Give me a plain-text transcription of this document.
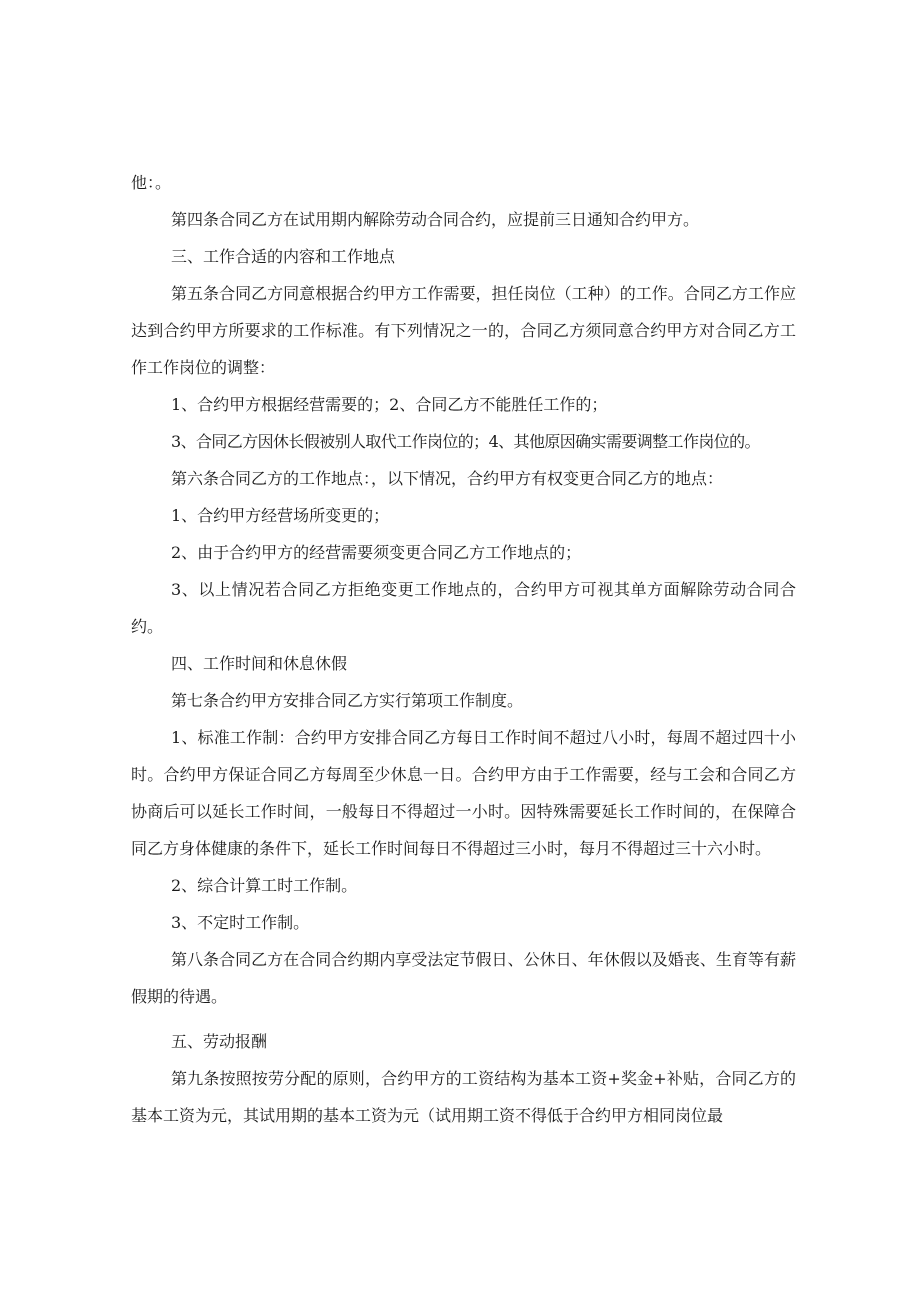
他：。

第四条合同乙方在试用期内解除劳动合同合约，应提前三日通知合约甲方。

三、工作合适的内容和工作地点

第五条合同乙方同意根据合约甲方工作需要，担任岗位（工种）的工作。合同乙方工作应达到合约甲方所要求的工作标准。有下列情况之一的，合同乙方须同意合约甲方对合同乙方工作工作岗位的调整：

1、合约甲方根据经营需要的；2、合同乙方不能胜任工作的；

3、合同乙方因休长假被别人取代工作岗位的；4、其他原因确实需要调整工作岗位的。

第六条合同乙方的工作地点：，以下情况，合约甲方有权变更合同乙方的地点：

1、合约甲方经营场所变更的；

2、由于合约甲方的经营需要须变更合同乙方工作地点的；

3、以上情况若合同乙方拒绝变更工作地点的，合约甲方可视其单方面解除劳动合同合约。

四、工作时间和休息休假

第七条合约甲方安排合同乙方实行第项工作制度。

1、标准工作制：合约甲方安排合同乙方每日工作时间不超过八小时，每周不超过四十小时。合约甲方保证合同乙方每周至少休息一日。合约甲方由于工作需要，经与工会和合同乙方协商后可以延长工作时间，一般每日不得超过一小时。因特殊需要延长工作时间的，在保障合同乙方身体健康的条件下，延长工作时间每日不得超过三小时，每月不得超过三十六小时。

2、综合计算工时工作制。

3、不定时工作制。

第八条合同乙方在合同合约期内享受法定节假日、公休日、年休假以及婚丧、生育等有薪假期的待遇。

五、劳动报酬

第九条按照按劳分配的原则，合约甲方的工资结构为基本工资+奖金+补贴，合同乙方的基本工资为元，其试用期的基本工资为元（试用期工资不得低于合约甲方相同岗位最
